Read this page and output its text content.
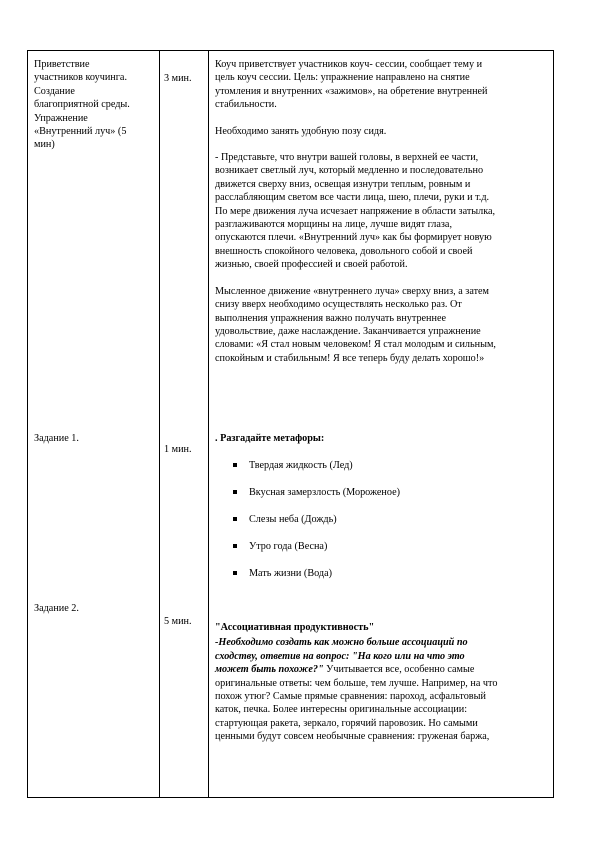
Приветствие

участников коучинга.

Создание

благоприятной среды.

Упражнение

«Внутренний луч» (5

мин)

3 мин.

Коуч приветствует участников коуч- сессии, сообщает тему и

цель коуч сессии. Цель: упражнение направлено на снятие

утомления и внутренних «зажимов», на обретение внутренней

стабильности.

Необходимо занять удобную позу сидя.

- Представьте, что внутри вашей головы, в верхней ее части,

возникает светлый луч, который медленно и последовательно

движется сверху вниз, освещая изнутри теплым, ровным и

расслабляющим светом все части лица, шею, плечи, руки и т.д.

По мере движения луча исчезает напряжение в области затылка,

разглаживаются морщины на лице, лучше видят глаза,

опускаются плечи. «Внутренний луч» как бы формирует новую

внешность спокойного человека, довольного собой и своей

жизнью, своей профессией и своей работой.

Мысленное движение «внутреннего луча» сверху вниз, а затем

снизу вверх необходимо осуществлять несколько раз. От

выполнения упражнения важно получать внутреннее

удовольствие, даже наслаждение. Заканчивается упражнение

словами: «Я стал новым человеком! Я стал молодым и сильным,

спокойным и стабильным! Я все теперь буду делать хорошо!»

Задание 1.
1 мин.

. Разгадайте метафоры:

Твердая жидкость (Лед)
Вкусная замерзлость (Мороженое)
Слезы неба (Дождь)
Утро года (Весна)
Мать жизни (Вода)
Задание 2.
5 мин.

"Ассоциативная продуктивность"

-Необходимо создать как можно больше ассоциаций по

сходству, ответив на вопрос: "На кого или на что это

может быть похоже?" Учитывается все, особенно самые

оригинальные ответы: чем больше, тем лучше. Например, на что

похож утюг? Самые прямые сравнения: пароход, асфальтовый

каток, печка. Более интересны оригинальные ассоциации:

стартующая ракета, зеркало, горячий паровозик. Но самыми

ценными будут совсем необычные сравнения: груженая баржа,
